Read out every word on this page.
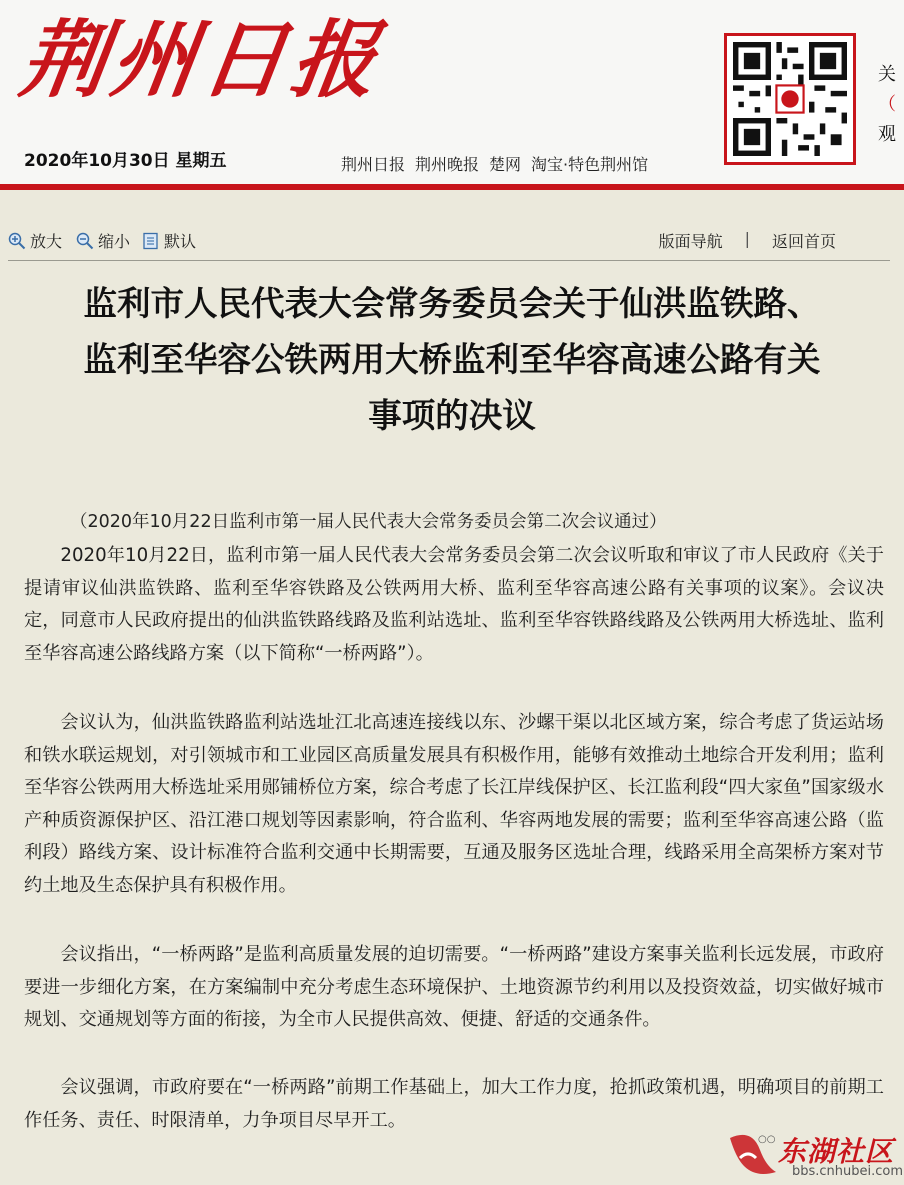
荆州日报
2020年10月30日 星期五	荆州日报 荆州晚报 楚网 淘宝·特色荆州馆
关
（
观
放大 缩小 默认	版面导航 | 返回首页
监利市人民代表大会常务委员会关于仙洪监铁路、
监利至华容公铁两用大桥监利至华容高速公路有关
事项的决议
（2020年10月22日监利市第一届人民代表大会常务委员会第二次会议通过）
2020年10月22日，监利市第一届人民代表大会常务委员会第二次会议听取和审议了市人民政府《关于提请审议仙洪监铁路、监利至华容铁路及公铁两用大桥、监利至华容高速公路有关事项的议案》。会议决定，同意市人民政府提出的仙洪监铁路线路及监利站选址、监利至华容铁路线路及公铁两用大桥选址、监利至华容高速公路线路方案（以下简称“一桥两路”）。
会议认为，仙洪监铁路监利站选址江北高速连接线以东、沙螺干渠以北区域方案，综合考虑了货运站场和铁水联运规划，对引领城市和工业园区高质量发展具有积极作用，能够有效推动土地综合开发利用；监利至华容公铁两用大桥选址采用郧铺桥位方案，综合考虑了长江岸线保护区、长江监利段“四大家鱼”国家级水产种质资源保护区、沿江港口规划等因素影响，符合监利、华容两地发展的需要；监利至华容高速公路（监利段）路线方案、设计标准符合监利交通中长期需要，互通及服务区选址合理，线路采用全高架桥方案对节约土地及生态保护具有积极作用。
会议指出，“一桥两路”是监利高质量发展的迫切需要。“一桥两路”建设方案事关监利长远发展，市政府要进一步细化方案，在方案编制中充分考虑生态环境保护、土地资源节约利用以及投资效益，切实做好城市规划、交通规划等方面的衔接，为全市人民提供高效、便捷、舒适的交通条件。
会议强调，市政府要在“一桥两路”前期工作基础上，加大工作力度，抢抓政策机遇，明确项目的前期工作任务、责任、时限清单，力争项目尽早开工。
○○ 东湖社区
bbs.cnhubei.com
